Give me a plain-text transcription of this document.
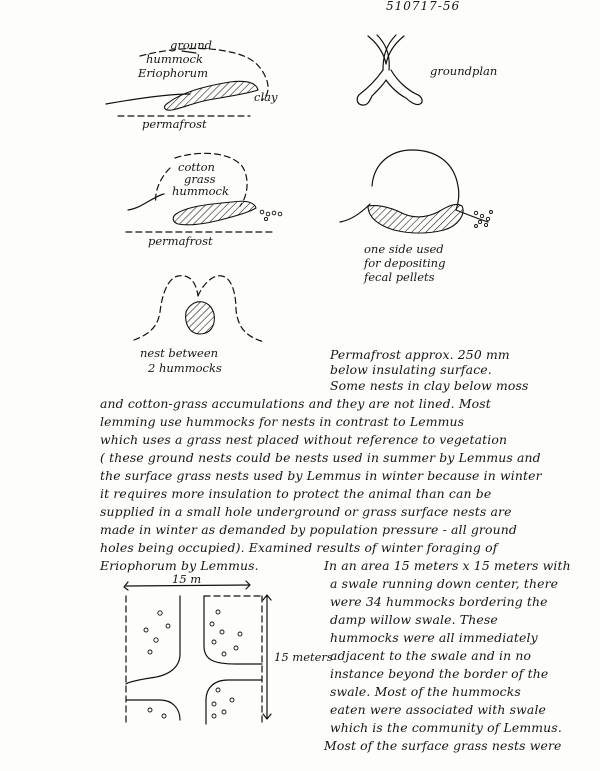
510717-56
ground
hummock
Eriophorum
clay
permafrost
groundplan
cotton
grass
hummock
permafrost
one side used
for depositing
fecal pellets
nest between
2 hummocks
Permafrost approx. 250 mm
below insulating surface.
Some nests in clay below moss
and cotton-grass accumulations and they are not lined. Most
lemming use hummocks for nests in contrast to Lemmus
which uses a grass nest placed without reference to vegetation
( these ground nests could be nests used in summer by Lemmus and
the surface grass nests used by Lemmus in winter because in winter
it requires more insulation to protect the animal than can be
supplied in a small hole underground or grass surface nests are
made in winter as demanded by population pressure - all ground
holes being occupied). Examined results of winter foraging of
Eriophorum by Lemmus.
15 m
15 meters
In an area 15 meters x 15 meters with
a swale running down center, there
were 34 hummocks bordering the
damp willow swale. These
hummocks were all immediately
adjacent to the swale and in no
instance beyond the border of the
swale. Most of the hummocks
eaten were associated with swale
which is the community of Lemmus.
Most of the surface grass nests were
